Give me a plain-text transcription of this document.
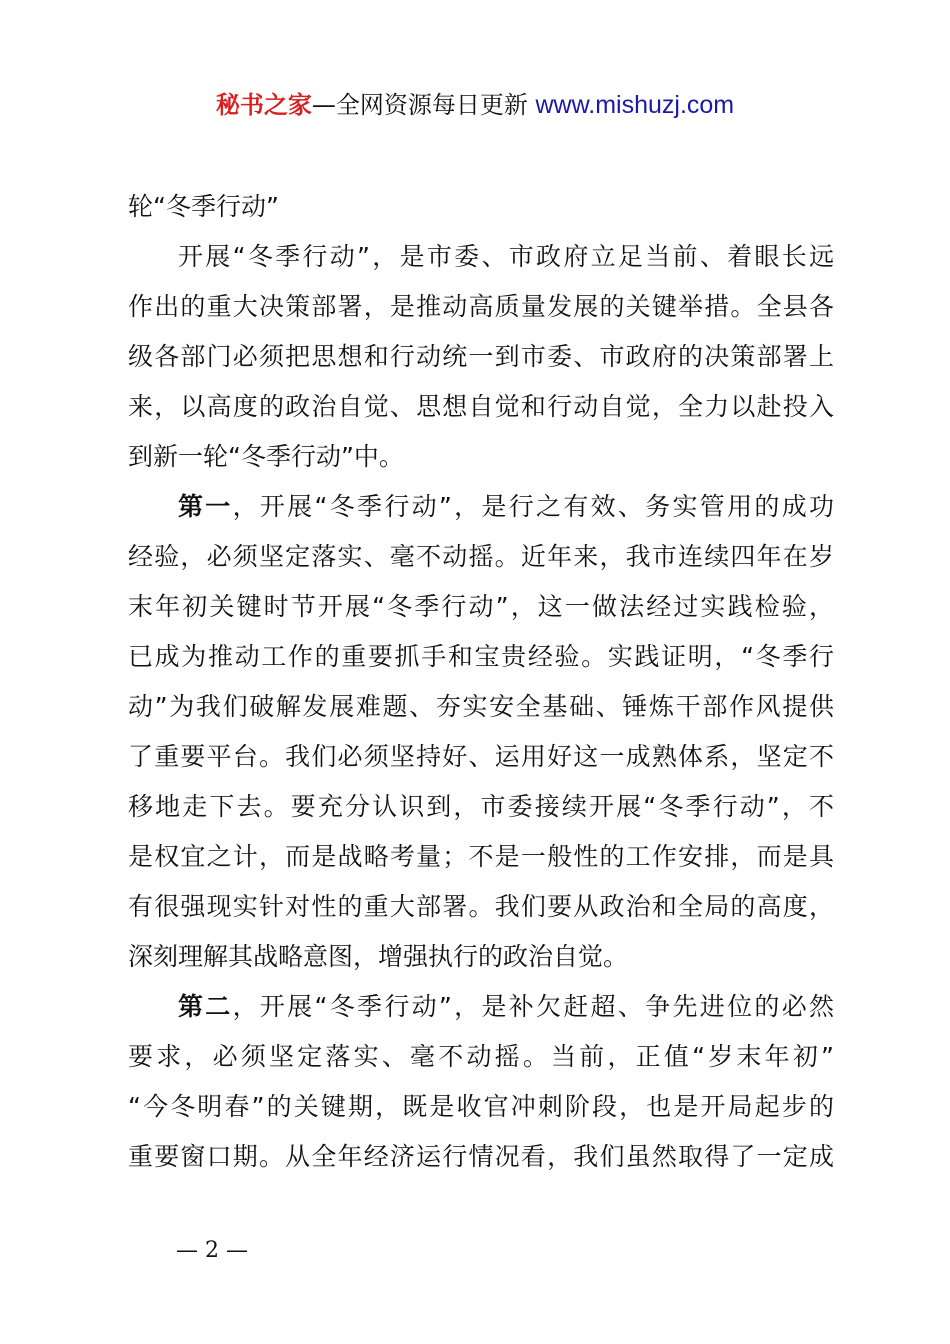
秘书之家—全网资源每日更新 www.mishuzj.com
轮“冬季行动”
开展“冬季行动”，是市委、市政府立足当前、着眼长远
作出的重大决策部署，是推动高质量发展的关键举措。全县各
级各部门必须把思想和行动统一到市委、市政府的决策部署上
来，以高度的政治自觉、思想自觉和行动自觉，全力以赴投入
到新一轮“冬季行动”中。
第一，开展“冬季行动”，是行之有效、务实管用的成功
经验，必须坚定落实、毫不动摇。近年来，我市连续四年在岁
末年初关键时节开展“冬季行动”，这一做法经过实践检验，
已成为推动工作的重要抓手和宝贵经验。实践证明，“冬季行
动”为我们破解发展难题、夯实安全基础、锤炼干部作风提供
了重要平台。我们必须坚持好、运用好这一成熟体系，坚定不
移地走下去。要充分认识到，市委接续开展“冬季行动”，不
是权宜之计，而是战略考量；不是一般性的工作安排，而是具
有很强现实针对性的重大部署。我们要从政治和全局的高度，
深刻理解其战略意图，增强执行的政治自觉。
第二，开展“冬季行动”，是补欠赶超、争先进位的必然
要求，必须坚定落实、毫不动摇。当前，正值“岁末年初”
“今冬明春”的关键期，既是收官冲刺阶段，也是开局起步的
重要窗口期。从全年经济运行情况看，我们虽然取得了一定成
— 2 —
